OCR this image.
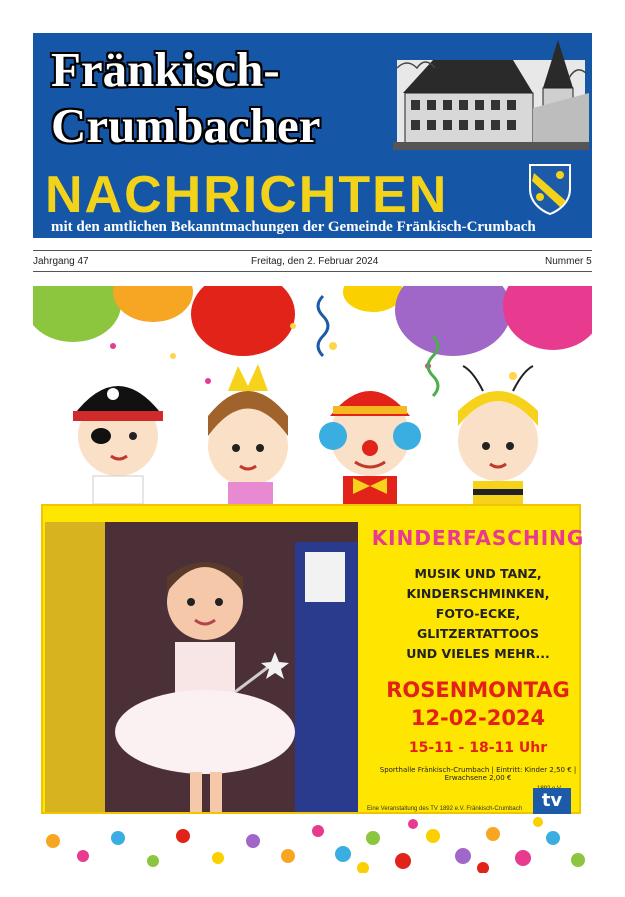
Fränkisch-
Crumbacher
NACHRICHTEN
mit den amtlichen Bekanntmachungen der Gemeinde Fränkisch-Crumbach
Jahrgang 47	Freitag, den 2. Februar 2024	Nummer 5
KINDERFASCHING
MUSIK UND TANZ,
KINDERSCHMINKEN,
FOTO-ECKE,
GLITZERTATTOOS
UND VIELES MEHR...
ROSENMONTAG
12-02-2024
15-11 - 18-11 Uhr
Sporthalle Fränkisch-Crumbach | Eintritt: Kinder 2,50 € | Erwachsene 2,00 €
Eine Veranstaltung des TV 1892 e.V. Fränkisch-Crumbach	tv
